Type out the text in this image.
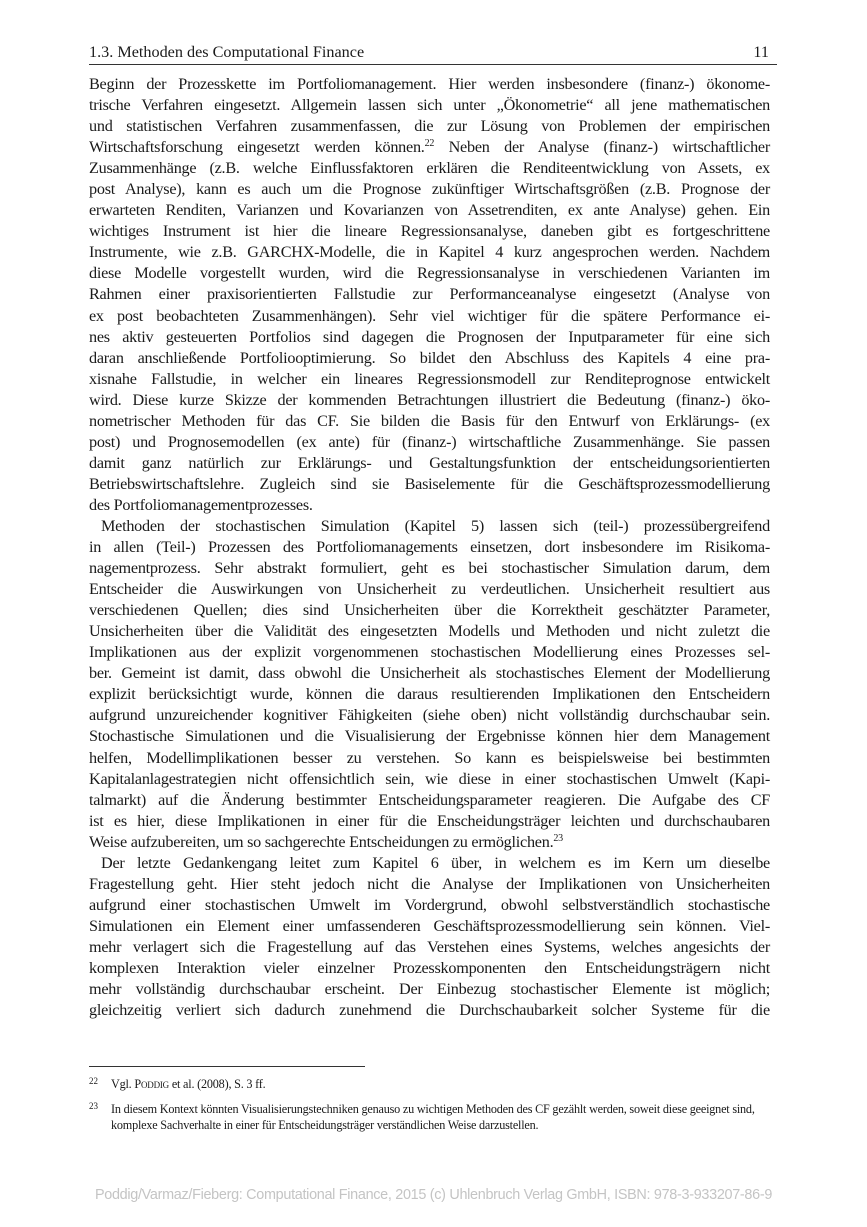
1.3. Methoden des Computational Finance	11
Beginn der Prozesskette im Portfoliomanagement. Hier werden insbesondere (finanz-) ökonome-
trische Verfahren eingesetzt. Allgemein lassen sich unter „Ökonometrie“ all jene mathematischen
und statistischen Verfahren zusammenfassen, die zur Lösung von Problemen der empirischen
Wirtschaftsforschung eingesetzt werden können.$^{22}$ Neben der Analyse (finanz-) wirtschaftlicher
Zusammenhänge (z.B. welche Einflussfaktoren erklären die Renditeentwicklung von Assets, ex
post Analyse), kann es auch um die Prognose zukünftiger Wirtschaftsgrößen (z.B. Prognose der
erwarteten Renditen, Varianzen und Kovarianzen von Assetrenditen, ex ante Analyse) gehen. Ein
wichtiges Instrument ist hier die lineare Regressionsanalyse, daneben gibt es fortgeschrittene
Instrumente, wie z.B. GARCHX-Modelle, die in Kapitel 4 kurz angesprochen werden. Nachdem
diese Modelle vorgestellt wurden, wird die Regressionsanalyse in verschiedenen Varianten im
Rahmen einer praxisorientierten Fallstudie zur Performanceanalyse eingesetzt (Analyse von
ex post beobachteten Zusammenhängen). Sehr viel wichtiger für die spätere Performance ei-
nes aktiv gesteuerten Portfolios sind dagegen die Prognosen der Inputparameter für eine sich
daran anschließende Portfoliooptimierung. So bildet den Abschluss des Kapitels 4 eine pra-
xisnahe Fallstudie, in welcher ein lineares Regressionsmodell zur Renditeprognose entwickelt
wird. Diese kurze Skizze der kommenden Betrachtungen illustriert die Bedeutung (finanz-) öko-
nometrischer Methoden für das CF. Sie bilden die Basis für den Entwurf von Erklärungs- (ex
post) und Prognosemodellen (ex ante) für (finanz-) wirtschaftliche Zusammenhänge. Sie passen
damit ganz natürlich zur Erklärungs- und Gestaltungsfunktion der entscheidungsorientierten
Betriebswirtschaftslehre. Zugleich sind sie Basiselemente für die Geschäftsprozessmodellierung
des Portfoliomanagementprozesses.
Methoden der stochastischen Simulation (Kapitel 5) lassen sich (teil-) prozessübergreifend
in allen (Teil-) Prozessen des Portfoliomanagements einsetzen, dort insbesondere im Risikoma-
nagementprozess. Sehr abstrakt formuliert, geht es bei stochastischer Simulation darum, dem
Entscheider die Auswirkungen von Unsicherheit zu verdeutlichen. Unsicherheit resultiert aus
verschiedenen Quellen; dies sind Unsicherheiten über die Korrektheit geschätzter Parameter,
Unsicherheiten über die Validität des eingesetzten Modells und Methoden und nicht zuletzt die
Implikationen aus der explizit vorgenommenen stochastischen Modellierung eines Prozesses sel-
ber. Gemeint ist damit, dass obwohl die Unsicherheit als stochastisches Element der Modellierung
explizit berücksichtigt wurde, können die daraus resultierenden Implikationen den Entscheidern
aufgrund unzureichender kognitiver Fähigkeiten (siehe oben) nicht vollständig durchschaubar sein.
Stochastische Simulationen und die Visualisierung der Ergebnisse können hier dem Management
helfen, Modellimplikationen besser zu verstehen. So kann es beispielsweise bei bestimmten
Kapitalanlagestrategien nicht offensichtlich sein, wie diese in einer stochastischen Umwelt (Kapi-
talmarkt) auf die Änderung bestimmter Entscheidungsparameter reagieren. Die Aufgabe des CF
ist es hier, diese Implikationen in einer für die Enscheidungsträger leichten und durchschaubaren
Weise aufzubereiten, um so sachgerechte Entscheidungen zu ermöglichen.$^{23}$
Der letzte Gedankengang leitet zum Kapitel 6 über, in welchem es im Kern um dieselbe
Fragestellung geht. Hier steht jedoch nicht die Analyse der Implikationen von Unsicherheiten
aufgrund einer stochastischen Umwelt im Vordergrund, obwohl selbstverständlich stochastische
Simulationen ein Element einer umfassenderen Geschäftsprozessmodellierung sein können. Viel-
mehr verlagert sich die Fragestellung auf das Verstehen eines Systems, welches angesichts der
komplexen Interaktion vieler einzelner Prozesskomponenten den Entscheidungsträgern nicht
mehr vollständig durchschaubar erscheint. Der Einbezug stochastischer Elemente ist möglich;
gleichzeitig verliert sich dadurch zunehmend die Durchschaubarkeit solcher Systeme für die
22 Vgl. Poddig et al. (2008), S. 3 ff.
23 In diesem Kontext könnten Visualisierungstechniken genauso zu wichtigen Methoden des CF gezählt werden, soweit diese geeignet sind, komplexe Sachverhalte in einer für Entscheidungsträger verständlichen Weise darzustellen.
Poddig/Varmaz/Fieberg: Computational Finance, 2015 (c) Uhlenbruch Verlag GmbH, ISBN: 978-3-933207-86-9
